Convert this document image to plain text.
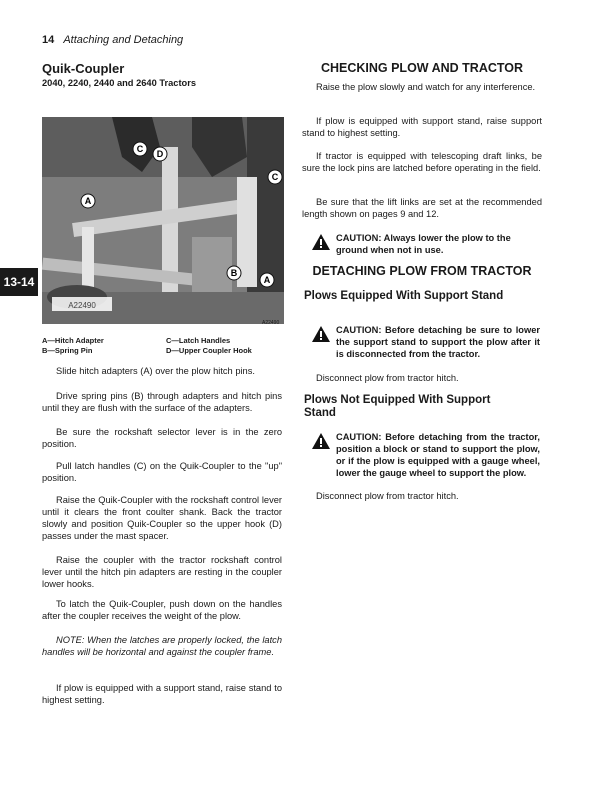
14 Attaching and Detaching
13-14
Quik-Coupler
2040, 2240, 2440 and 2640 Tractors
C D
C
A
B
A
A22490
A22490
A—Hitch Adapter	C—Latch Handles
B—Spring Pin	D—Upper Coupler Hook
Slide hitch adapters (A) over the plow hitch pins.
Drive spring pins (B) through adapters and hitch pins until they are flush with the surface of the adapters.
Be sure the rockshaft selector lever is in the zero position.
Pull latch handles (C) on the Quik-Coupler to the "up" position.
Raise the Quik-Coupler with the rockshaft control lever until it clears the front coulter shank. Back the tractor slowly and position Quik-Coupler so the upper hook (D) passes under the mast spacer.
Raise the coupler with the tractor rockshaft control lever until the hitch pin adapters are resting in the coupler lower hooks.
To latch the Quik-Coupler, push down on the handles after the coupler receives the weight of the plow.
NOTE: When the latches are properly locked, the latch handles will be horizontal and against the coupler frame.
If plow is equipped with a support stand, raise stand to highest setting.
CHECKING PLOW AND TRACTOR
Raise the plow slowly and watch for any interference.
If plow is equipped with support stand, raise support stand to highest setting.
If tractor is equipped with telescoping draft links, be sure the lock pins are latched before operating in the field.
Be sure that the lift links are set at the recommended length shown on pages 9 and 12.
CAUTION: Always lower the plow to the ground when not in use.
DETACHING PLOW FROM TRACTOR
Plows Equipped With Support Stand
CAUTION: Before detaching be sure to lower the support stand to support the plow after it is disconnected from the tractor.
Disconnect plow from tractor hitch.
Plows Not Equipped With Support Stand
CAUTION: Before detaching from the tractor, position a block or stand to support the plow, or if the plow is equipped with a gauge wheel, lower the gauge wheel to support the plow.
Disconnect plow from tractor hitch.
